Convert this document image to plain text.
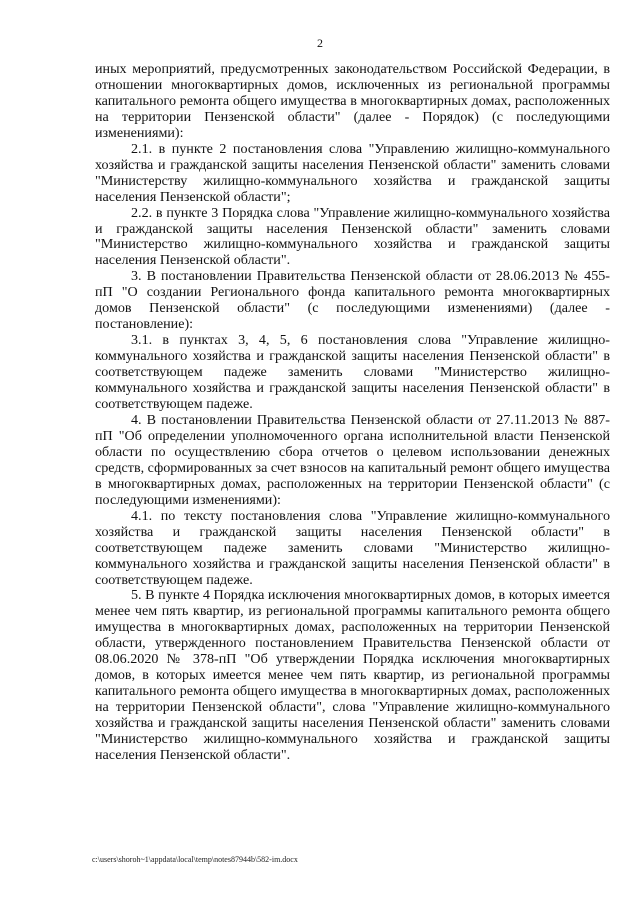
2

иных мероприятий, предусмотренных законодательством Российской Федерации, в отношении многоквартирных домов, исключенных из региональной программы капитального ремонта общего имущества в многоквартирных домах, расположенных на территории Пензенской области" (далее - Порядок) (с последующими изменениями):

2.1. в пункте 2 постановления слова "Управлению жилищно-коммунального хозяйства и гражданской защиты населения Пензенской области" заменить словами "Министерству жилищно-коммунального хозяйства и гражданской защиты населения Пензенской области";

2.2. в пункте 3 Порядка слова "Управление жилищно-коммунального хозяйства и гражданской защиты населения Пензенской области" заменить словами "Министерство жилищно-коммунального хозяйства и гражданской защиты населения Пензенской области".

3. В постановлении Правительства Пензенской области от 28.06.2013 № 455-пП "О создании Регионального фонда капитального ремонта многоквартирных домов Пензенской области" (с последующими изменениями) (далее - постановление):

3.1. в пунктах 3, 4, 5, 6 постановления слова "Управление жилищно-коммунального хозяйства и гражданской защиты населения Пензенской области" в соответствующем падеже заменить словами "Министерство жилищно-коммунального хозяйства и гражданской защиты населения Пензенской области" в соответствующем падеже.

4. В постановлении Правительства Пензенской области от 27.11.2013 № 887-пП "Об определении уполномоченного органа исполнительной власти Пензенской области по осуществлению сбора отчетов о целевом использовании денежных средств, сформированных за счет взносов на капитальный ремонт общего имущества в многоквартирных домах, расположенных на территории Пензенской области" (с последующими изменениями):

4.1. по тексту постановления слова "Управление жилищно-коммунального хозяйства и гражданской защиты населения Пензенской области" в соответствующем падеже заменить словами "Министерство жилищно-коммунального хозяйства и гражданской защиты населения Пензенской области" в соответствующем падеже.

5. В пункте 4 Порядка исключения многоквартирных домов, в которых имеется менее чем пять квартир, из региональной программы капитального ремонта общего имущества в многоквартирных домах, расположенных на территории Пензенской области, утвержденного постановлением Правительства Пензенской области от 08.06.2020 № 378-пП "Об утверждении Порядка исключения многоквартирных домов, в которых имеется менее чем пять квартир, из региональной программы капитального ремонта общего имущества в многоквартирных домах, расположенных на территории Пензенской области", слова "Управление жилищно-коммунального хозяйства и гражданской защиты населения Пензенской области" заменить словами "Министерство жилищно-коммунального хозяйства и гражданской защиты населения Пензенской области".

c:\users\shoroh~1\appdata\local\temp\notes87944b\582-im.docx
